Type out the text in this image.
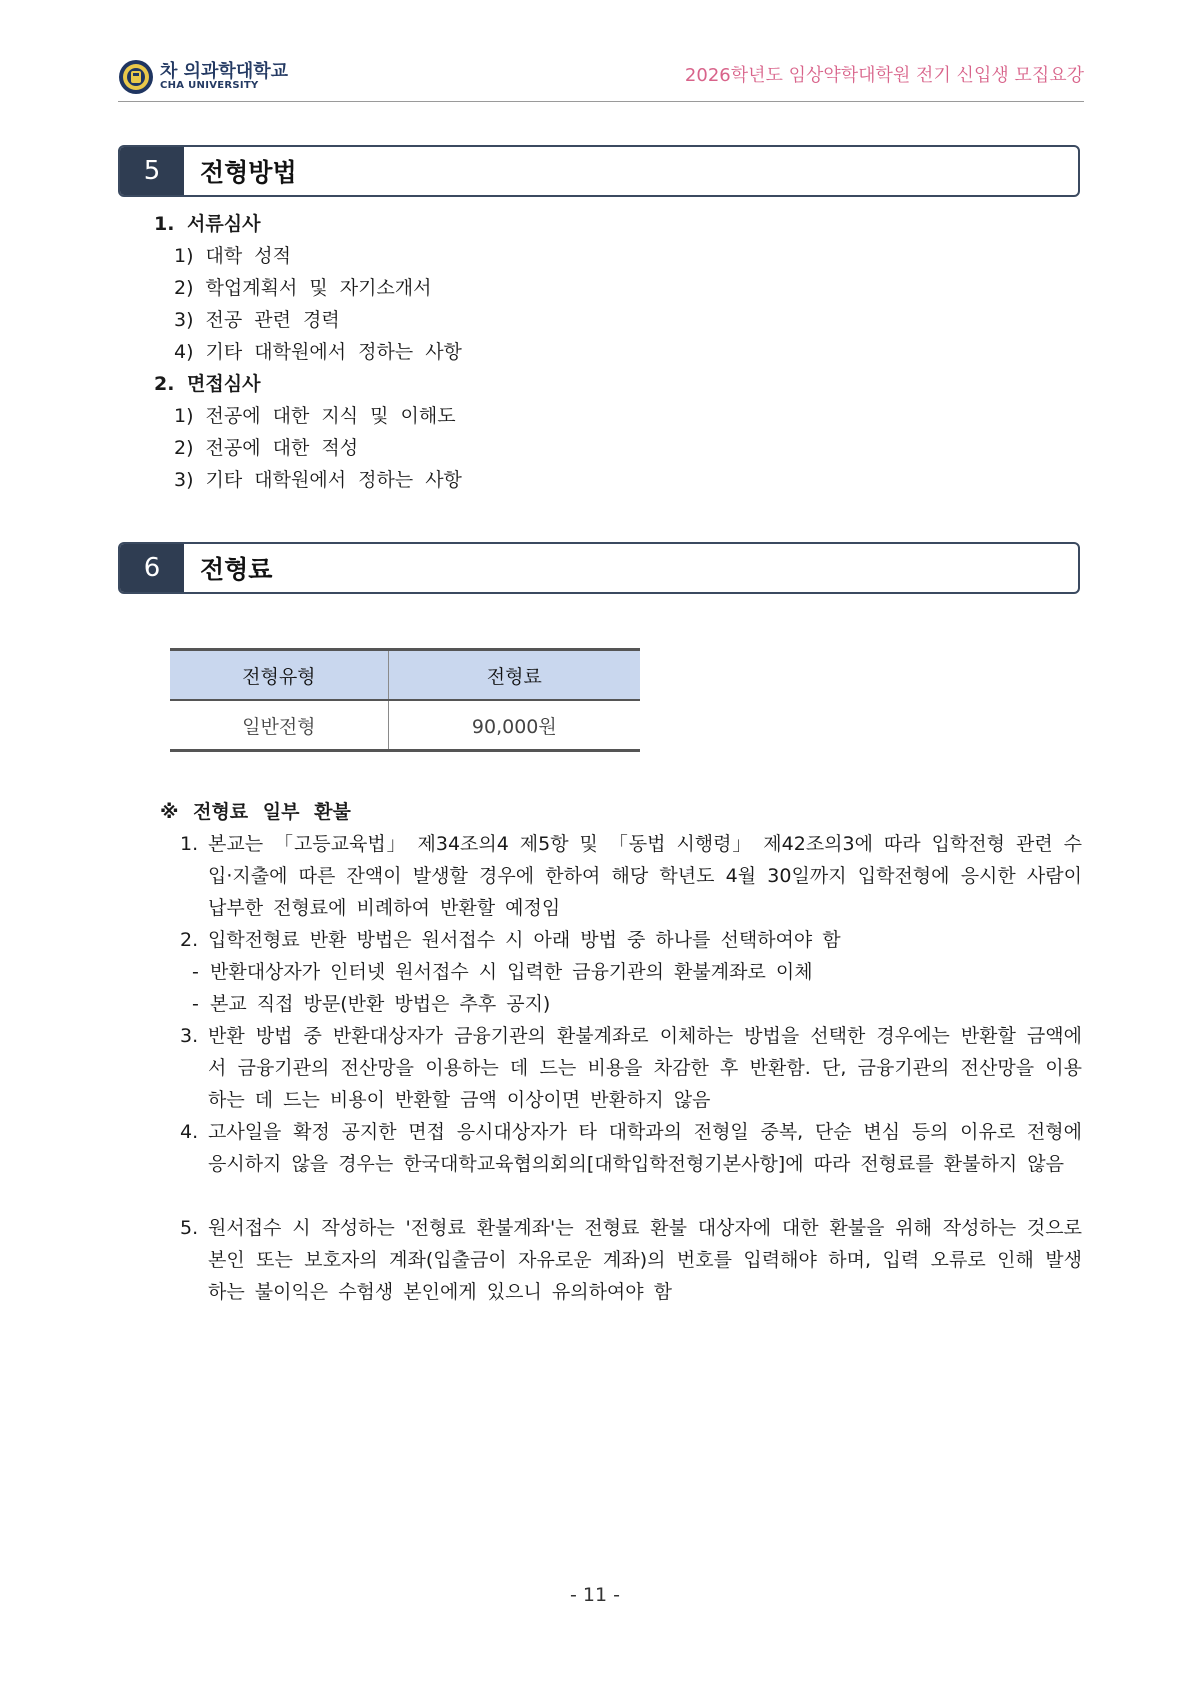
차 의과학대학교
CHA UNIVERSITY	2026학년도 임상약학대학원 전기 신입생 모집요강
5	전형방법
1. 서류심사
1) 대학 성적
2) 학업계획서 및 자기소개서
3) 전공 관련 경력
4) 기타 대학원에서 정하는 사항
2. 면접심사
1) 전공에 대한 지식 및 이해도
2) 전공에 대한 적성
3) 기타 대학원에서 정하는 사항
6	전형료
전형유형	전형료
일반전형	90,000원
※ 전형료 일부 환불
1. 본교는 「고등교육법」 제34조의4 제5항 및 「동법 시행령」 제42조의3에 따라 입학전형 관련 수입·지출에 따른 잔액이 발생할 경우에 한하여 해당 학년도 4월 30일까지 입학전형에 응시한 사람이 납부한 전형료에 비례하여 반환할 예정임
2. 입학전형료 반환 방법은 원서접수 시 아래 방법 중 하나를 선택하여야 함
- 반환대상자가 인터넷 원서접수 시 입력한 금융기관의 환불계좌로 이체
- 본교 직접 방문(반환 방법은 추후 공지)
3. 반환 방법 중 반환대상자가 금융기관의 환불계좌로 이체하는 방법을 선택한 경우에는 반환할 금액에서 금융기관의 전산망을 이용하는 데 드는 비용을 차감한 후 반환함. 단, 금융기관의 전산망을 이용하는 데 드는 비용이 반환할 금액 이상이면 반환하지 않음
4. 고사일을 확정 공지한 면접 응시대상자가 타 대학과의 전형일 중복, 단순 변심 등의 이유로 전형에 응시하지 않을 경우는 한국대학교육협의회의[대학입학전형기본사항]에 따라 전형료를 환불하지 않음
5. 원서접수 시 작성하는 '전형료 환불계좌'는 전형료 환불 대상자에 대한 환불을 위해 작성하는 것으로 본인 또는 보호자의 계좌(입출금이 자유로운 계좌)의 번호를 입력해야 하며, 입력 오류로 인해 발생하는 불이익은 수험생 본인에게 있으니 유의하여야 함
- 11 -
